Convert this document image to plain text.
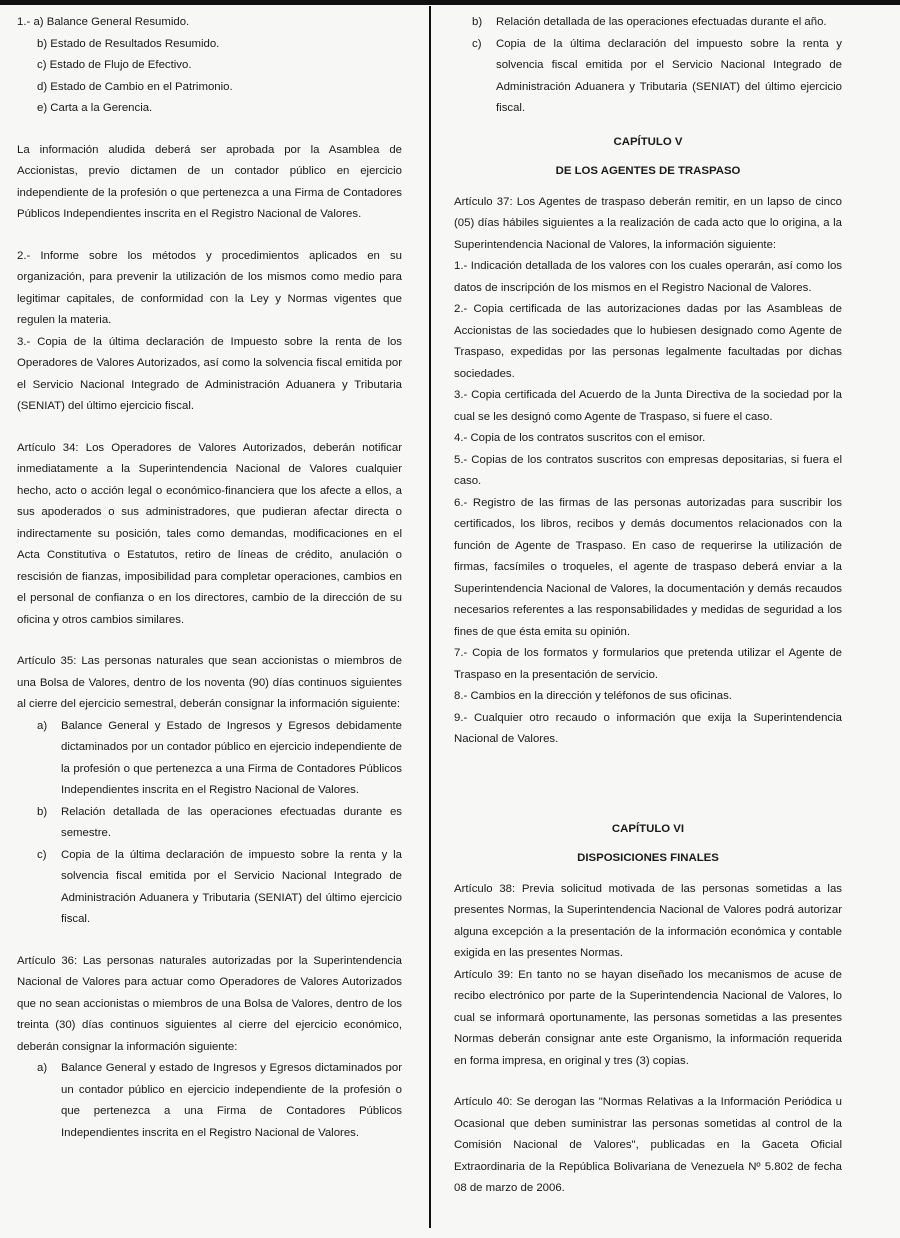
1.- a) Balance General Resumido.
b) Estado de Resultados Resumido.
c) Estado de Flujo de Efectivo.
d) Estado de Cambio en el Patrimonio.
e) Carta a la Gerencia.

La información aludida deberá ser aprobada por la Asamblea de Accionistas, previo dictamen de un contador público en ejercicio independiente de la profesión o que pertenezca a una Firma de Contadores Públicos Independientes inscrita en el Registro Nacional de Valores.

2.- Informe sobre los métodos y procedimientos aplicados en su organización, para prevenir la utilización de los mismos como medio para legitimar capitales, de conformidad con la Ley y Normas vigentes que regulen la materia.

3.- Copia de la última declaración de Impuesto sobre la renta de los Operadores de Valores Autorizados, así como la solvencia fiscal emitida por el Servicio Nacional Integrado de Administración Aduanera y Tributaria (SENIAT) del último ejercicio fiscal.

Artículo 34: Los Operadores de Valores Autorizados, deberán notificar inmediatamente a la Superintendencia Nacional de Valores cualquier hecho, acto o acción legal o económico-financiera que los afecte a ellos, a sus apoderados o sus administradores, que pudieran afectar directa o indirectamente su posición, tales como demandas, modificaciones en el Acta Constitutiva o Estatutos, retiro de líneas de crédito, anulación o rescisión de fianzas, imposibilidad para completar operaciones, cambios en el personal de confianza o en los directores, cambio de la dirección de su oficina y otros cambios similares.

Artículo 35: Las personas naturales que sean accionistas o miembros de una Bolsa de Valores, dentro de los noventa (90) días continuos siguientes al cierre del ejercicio semestral, deberán consignar la información siguiente:

a)	Balance General y Estado de Ingresos y Egresos debidamente dictaminados por un contador público en ejercicio independiente de la profesión o que pertenezca a una Firma de Contadores Públicos Independientes inscrita en el Registro Nacional de Valores.
b)	Relación detallada de las operaciones efectuadas durante es semestre.
c)	Copia de la última declaración de impuesto sobre la renta y la solvencia fiscal emitida por el Servicio Nacional Integrado de Administración Aduanera y Tributaria (SENIAT) del último ejercicio fiscal.

Artículo 36: Las personas naturales autorizadas por la Superintendencia Nacional de Valores para actuar como Operadores de Valores Autorizados que no sean accionistas o miembros de una Bolsa de Valores, dentro de los treinta (30) días continuos siguientes al cierre del ejercicio económico, deberán consignar la información siguiente:

a)	Balance General y estado de Ingresos y Egresos dictaminados por un contador público en ejercicio independiente de la profesión o que pertenezca a una Firma de Contadores Públicos Independientes inscrita en el Registro Nacional de Valores.
b)	Relación detallada de las operaciones efectuadas durante el año.
c)	Copia de la última declaración del impuesto sobre la renta y solvencia fiscal emitida por el Servicio Nacional Integrado de Administración Aduanera y Tributaria (SENIAT) del último ejercicio fiscal.
CAPÍTULO V
DE LOS AGENTES DE TRASPASO

Artículo 37: Los Agentes de traspaso deberán remitir, en un lapso de cinco (05) días hábiles siguientes a la realización de cada acto que lo origina, a la Superintendencia Nacional de Valores, la información siguiente:

1.- Indicación detallada de los valores con los cuales operarán, así como los datos de inscripción de los mismos en el Registro Nacional de Valores.
2.- Copia certificada de las autorizaciones dadas por las Asambleas de Accionistas de las sociedades que lo hubiesen designado como Agente de Traspaso, expedidas por las personas legalmente facultadas por dichas sociedades.
3.- Copia certificada del Acuerdo de la Junta Directiva de la sociedad por la cual se les designó como Agente de Traspaso, si fuere el caso.
4.- Copia de los contratos suscritos con el emisor.
5.- Copias de los contratos suscritos con empresas depositarias, si fuera el caso.
6.- Registro de las firmas de las personas autorizadas para suscribir los certificados, los libros, recibos y demás documentos relacionados con la función de Agente de Traspaso. En caso de requerirse la utilización de firmas, facsímiles o troqueles, el agente de traspaso deberá enviar a la Superintendencia Nacional de Valores, la documentación y demás recaudos necesarios referentes a las responsabilidades y medidas de seguridad a los fines de que ésta emita su opinión.
7.- Copia de los formatos y formularios que pretenda utilizar el Agente de Traspaso en la presentación de servicio.
8.- Cambios en la dirección y teléfonos de sus oficinas.
9.- Cualquier otro recaudo o información que exija la Superintendencia Nacional de Valores.
CAPÍTULO VI
DISPOSICIONES FINALES

Artículo 38: Previa solicitud motivada de las personas sometidas a las presentes Normas, la Superintendencia Nacional de Valores podrá autorizar alguna excepción a la presentación de la información económica y contable exigida en las presentes Normas.

Artículo 39: En tanto no se hayan diseñado los mecanismos de acuse de recibo electrónico por parte de la Superintendencia Nacional de Valores, lo cual se informará oportunamente, las personas sometidas a las presentes Normas deberán consignar ante este Organismo, la información requerida en forma impresa, en original y tres (3) copias.

Artículo 40: Se derogan las "Normas Relativas a la Información Periódica u Ocasional que deben suministrar las personas sometidas al control de la Comisión Nacional de Valores", publicadas en la Gaceta Oficial Extraordinaria de la República Bolivariana de Venezuela Nº 5.802 de fecha 08 de marzo de 2006.
